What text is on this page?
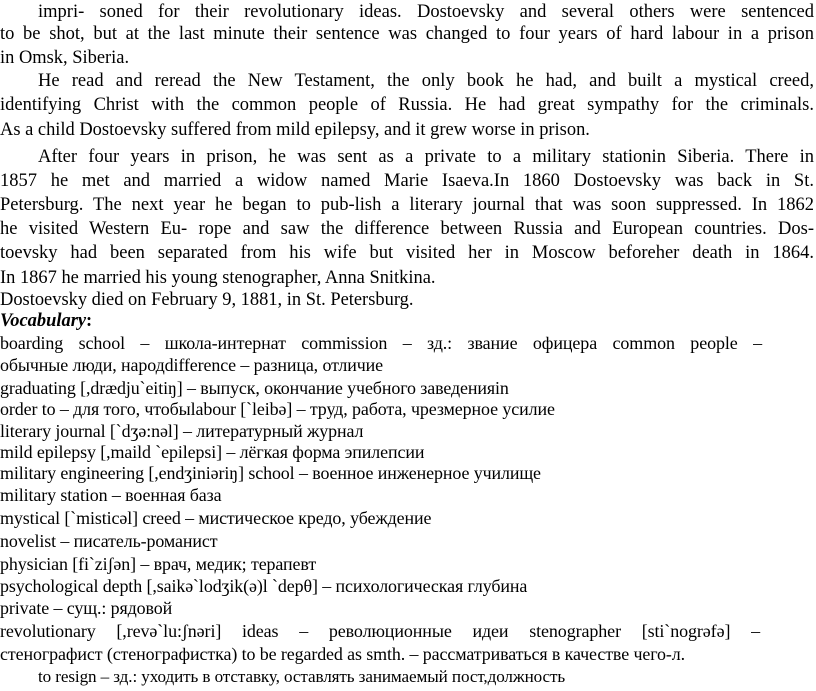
impri- soned for their revolutionary ideas. Dostoevsky and several others were sentenced
to be shot, but at the last minute their sentence was changed to four years of hard labour in a prison
in Omsk, Siberia.
He read and reread the New Testament, the only book he had, and built a mystical creed,
identifying Christ with the common people of Russia. He had great sympathy for the criminals.
As a child Dostoevsky suffered from mild epilepsy, and it grew worse in prison.
After four years in prison, he was sent as a private to a military stationin Siberia. There in
1857 he met and married a widow named Marie Isaeva.In 1860 Dostoevsky was back in St.
Petersburg. The next year he began to pub-lish a literary journal that was soon suppressed. In 1862
he visited Western Eu- rope and saw the difference between Russia and European countries. Dos-
toevsky had been separated from his wife but visited her in Moscow beforeher death in 1864.
In 1867 he married his young stenographer, Anna Snitkina.
Dostoevsky died on February 9, 1881, in St. Petersburg.
Vocabulary:
boarding school – школа-интернат commission – зд.: звание офицера common people –
обычные люди, народdifference – разница, отличие
graduating [,drædju`eitiŋ] – выпуск, окончание учебного заведенияin
order to – для того, чтобыlabour [`leibə] – труд, работа, чрезмерное усилие
literary journal [`dʒə:nəl] – литературный журнал
mild epilepsy [,maild `epilepsi] – лёгкая форма эпилепсии
military engineering [,endʒiniəriŋ] school – военное инженерное училище
military station – военная база
mystical [`misticəl] creed – мистическое кредо, убеждение
novelist – писатель-романист
physician [fi`ziʃən] – врач, медик; терапевт
psychological depth [,saikə`lodʒik(ə)l `depθ] – психологическая глубина
private – сущ.: рядовой
revolutionary [,revə`lu:ʃnəri] ideas – революционные идеи stenographer [sti`nogrəfə] –
стенографист (стенографистка) to be regarded as smth. – рассматриваться в качестве чего-л.
to resign – зд.: уходить в отставку, оставлять занимаемый пост,должность
